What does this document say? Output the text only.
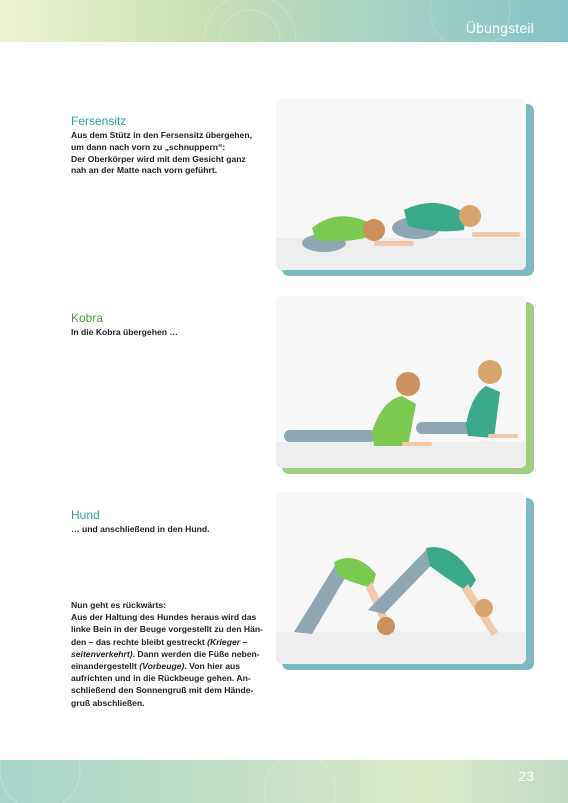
Übungsteil

Fersensitz

Aus dem Stütz in den Fersensitz übergehen,
um dann nach vorn zu „schnuppern“:
Der Oberkörper wird mit dem Gesicht ganz
nah an der Matte nach vorn geführt.

Kobra

In die Kobra übergehen …

Hund

… und anschließend in den Hund.

Nun geht es rückwärts:
Aus der Haltung des Hundes heraus wird das
linke Bein in der Beuge vorgestellt zu den Hän-
den – das rechte bleibt gestreckt (Krieger –
seitenverkehrt). Dann werden die Füße neben-
einandergestellt (Vorbeuge). Von hier aus
aufrichten und in die Rückbeuge gehen. An-
schließend den Sonnengruß mit dem Hände-
gruß abschließen.
23
